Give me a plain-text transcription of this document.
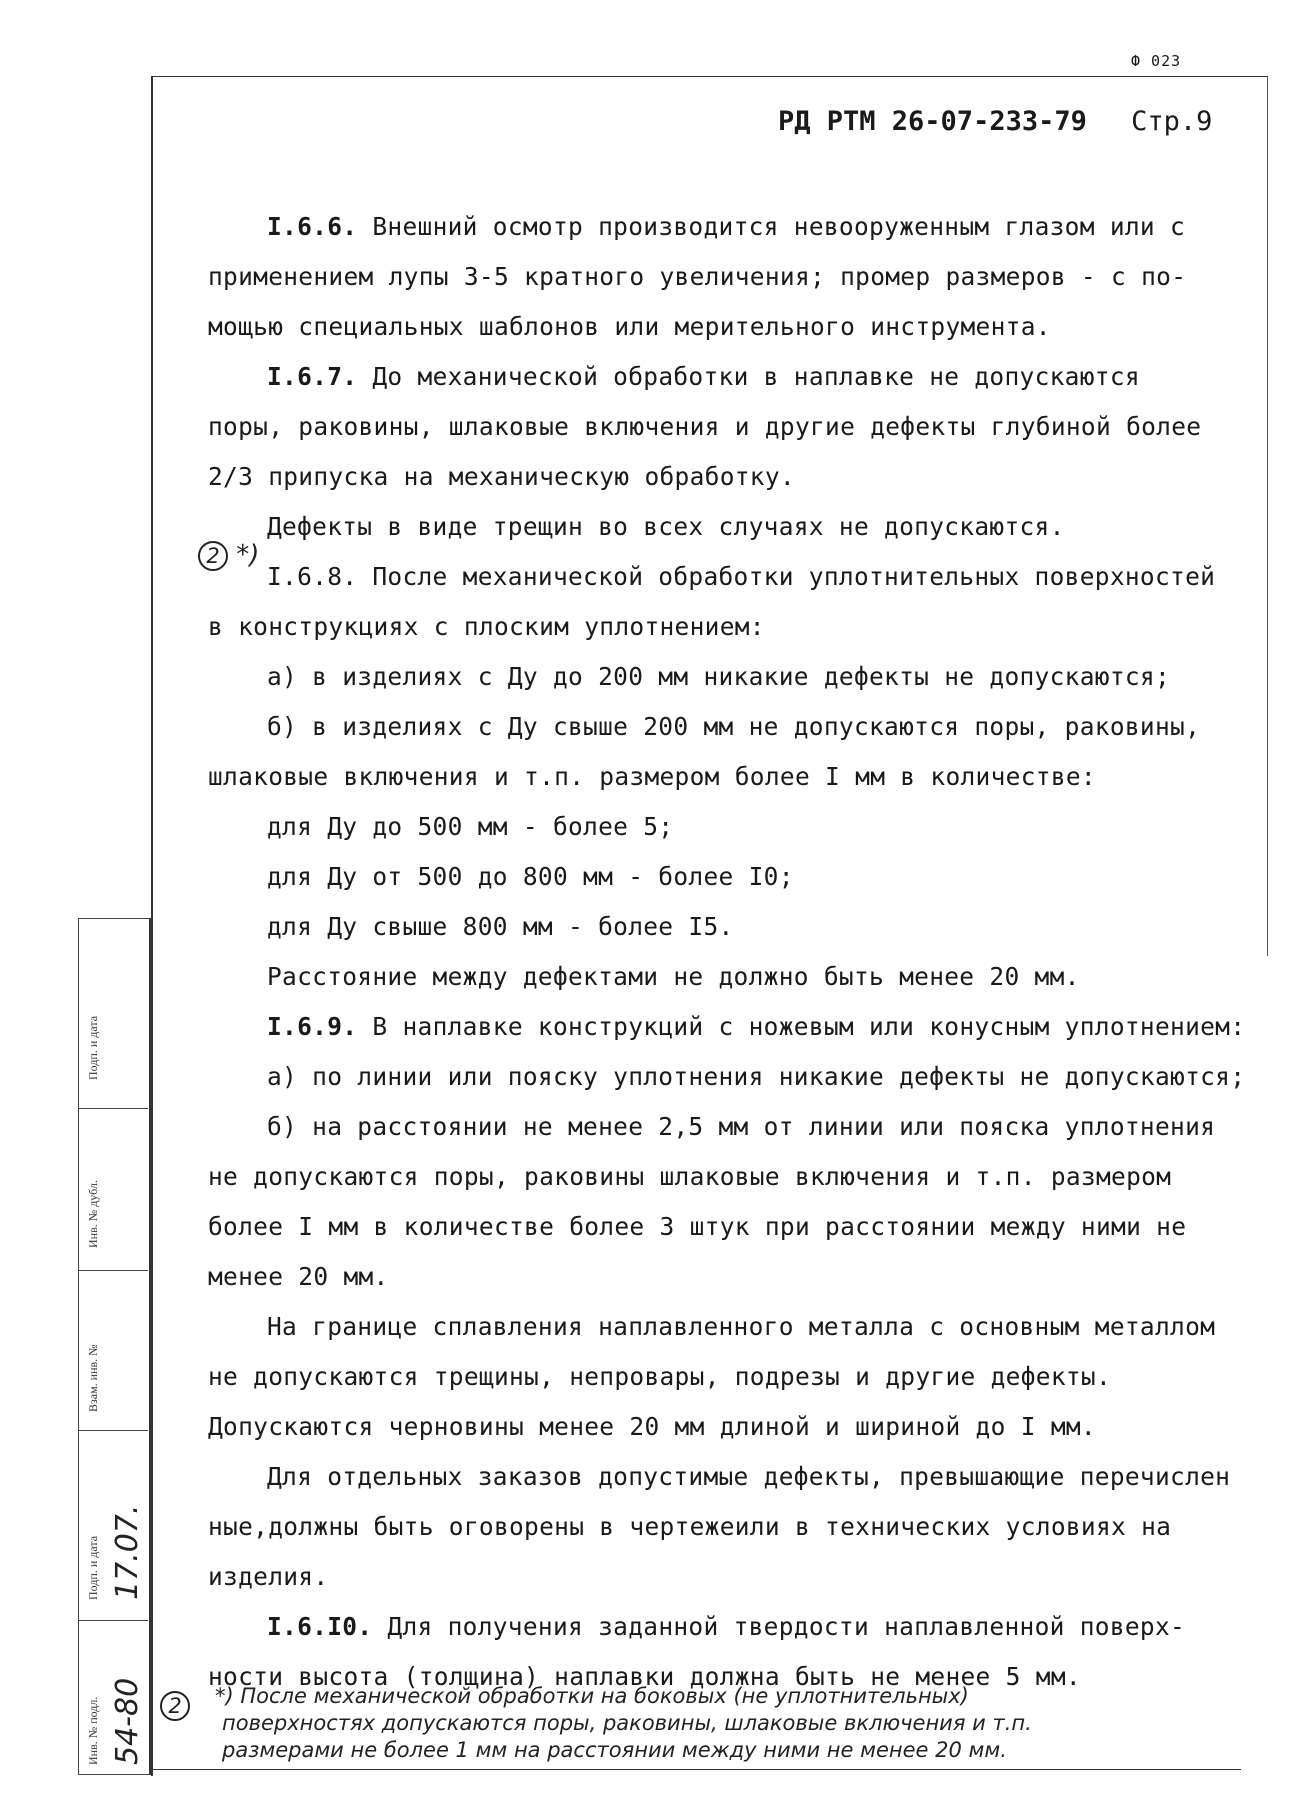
Ф 023
РД РТМ 26-07-233-79 Стр.9
I.6.6. Внешний осмотр производится невооруженным глазом или с
применением лупы 3-5 кратного увеличения; промер размеров - с по-
мощью специальных шаблонов или мерительного инструмента.
I.6.7. До механической обработки в наплавке не допускаются
поры, раковины, шлаковые включения и другие дефекты глубиной более
2/3 припуска на механическую обработку.
Дефекты в виде трещин во всех случаях не допускаются.
I.6.8. После механической обработки уплотнительных поверхностей
в конструкциях с плоским уплотнением:
а) в изделиях с Ду до 200 мм никакие дефекты не допускаются;
б) в изделиях с Ду свыше 200 мм не допускаются поры, раковины,
шлаковые включения и т.п. размером более I мм в количестве:
для Ду до 500 мм - более 5;
для Ду от 500 до 800 мм - более I0;
для Ду свыше 800 мм - более I5.
Расстояние между дефектами не должно быть менее 20 мм.
I.6.9. В наплавке конструкций с ножевым или конусным уплотнением:
а) по линии или пояску уплотнения никакие дефекты не допускаются;
б) на расстоянии не менее 2,5 мм от линии или пояска уплотнения
не допускаются поры, раковины шлаковые включения и т.п. размером
более I мм в количестве более 3 штук при расстоянии между ними не
менее 20 мм.
На границе сплавления наплавленного металла с основным металлом
не допускаются трещины, непровары, подрезы и другие дефекты.
Допускаются черновины менее 20 мм длиной и шириной до I мм.
Для отдельных заказов допустимые дефекты, превышающие перечислен
ные,должны быть оговорены в чертежеили в технических условиях на
изделия.
I.6.I0. Для получения заданной твердости наплавленной поверх-
ности высота (толщина) наплавки должна быть не менее 5 мм.
2 *)
2	*) После механической обработки на боковых (не уплотнительных)
поверхностях допускаются поры, раковины, шлаковые включения и т.п.
размерами не более 1 мм на расстоянии между ними не менее 20 мм.
Подп. и дата
Инв. № дубл.
Взам. инв. №
Подп. и дата
Инв. № подл.
17.07.
54-80
